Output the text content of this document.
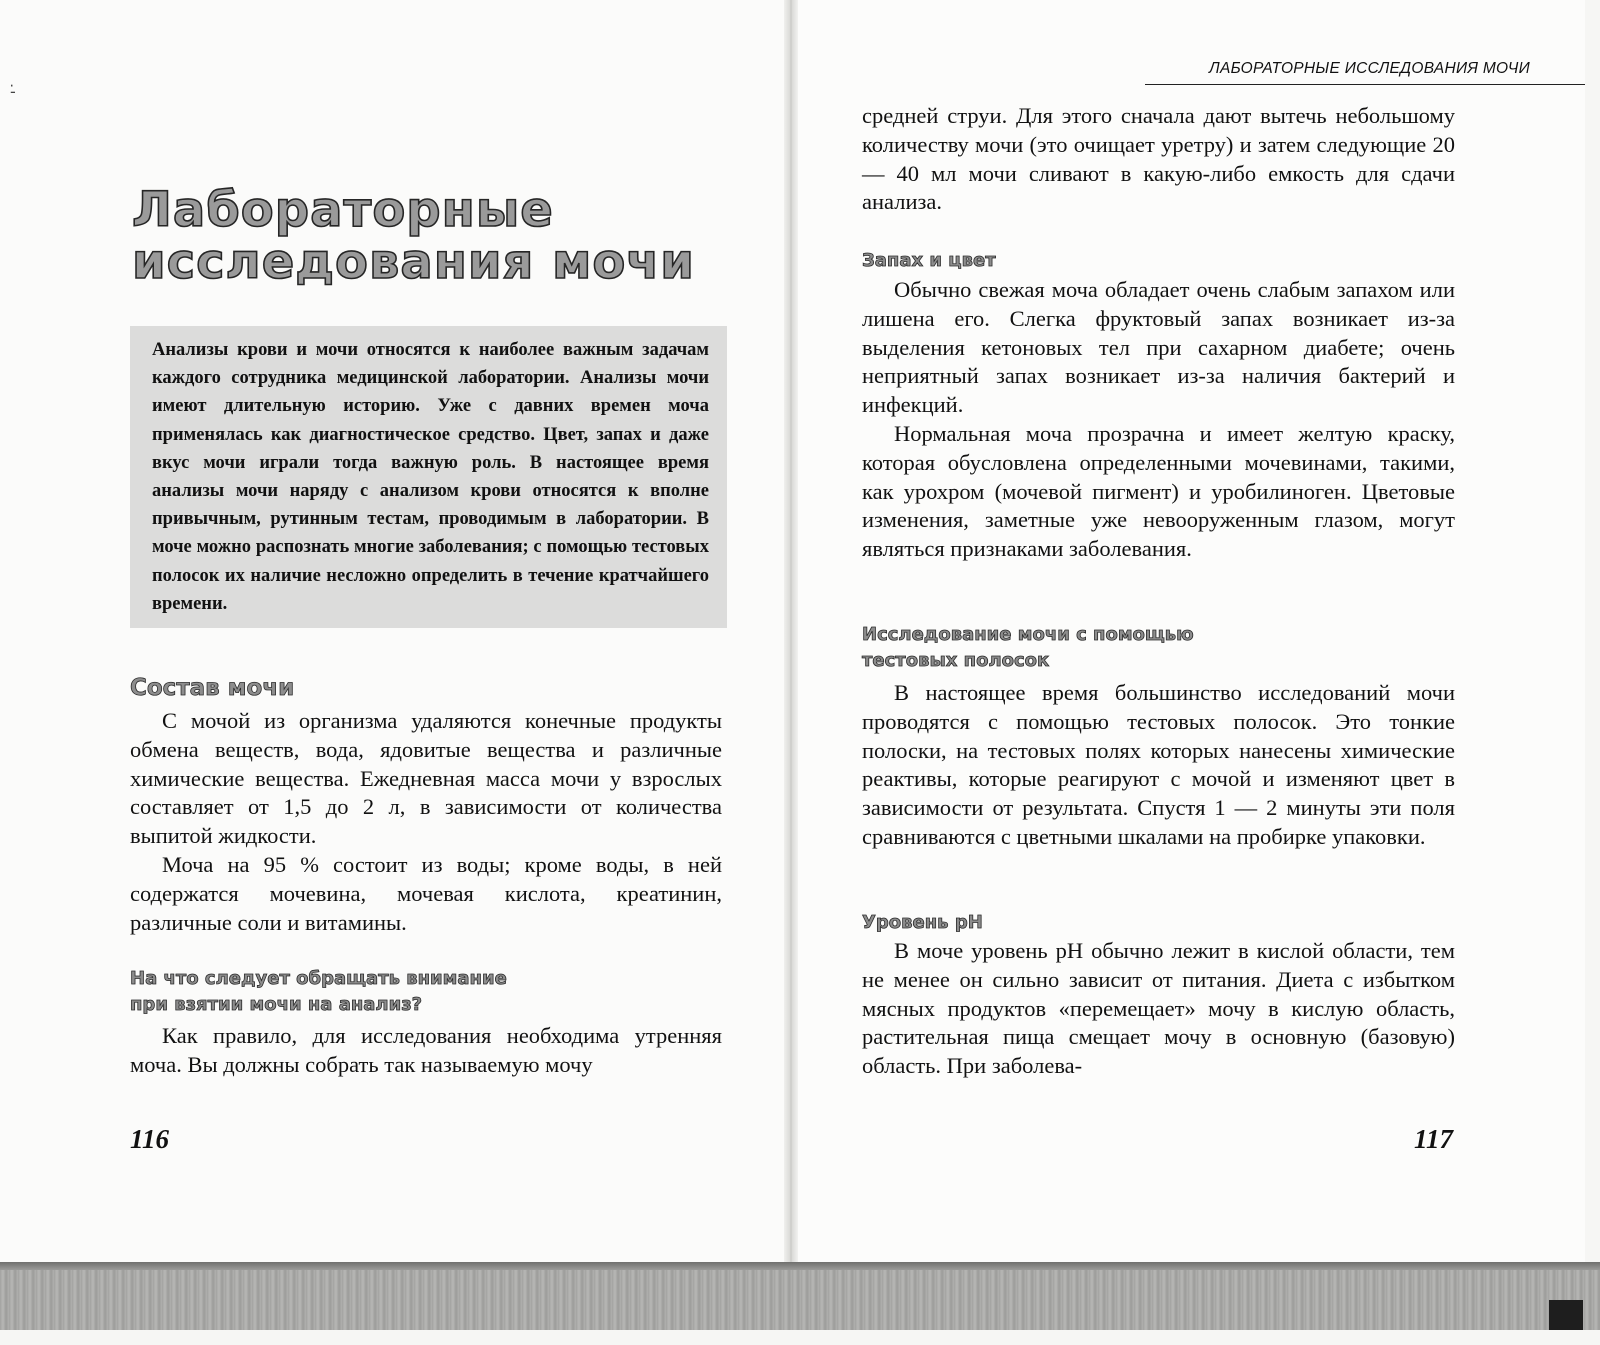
-̇
ЛАБОРАТОРНЫЕ ИССЛЕДОВАНИЯ МОЧИ
Лабораторные исследования мочи

Анализы крови и мочи относятся к наиболее важным задачам каждого сотрудника медицинской лаборатории. Анализы мочи имеют длительную историю. Уже с давних времен моча применялась как диагностическое средство. Цвет, запах и даже вкус мочи играли тогда важную роль. В настоящее время анализы мочи наряду с анализом крови относятся к вполне привычным, рутинным тестам, проводимым в лаборатории. В моче можно распознать многие заболевания; с помощью тестовых полосок их наличие несложно определить в течение кратчайшего времени.

Состав мочи

С мочой из организма удаляются конечные продукты обмена веществ, вода, ядовитые вещества и различные химические вещества. Ежедневная масса мочи у взрослых составляет от 1,5 до 2 л, в зависимости от количества выпитой жидкости.

Моча на 95 % состоит из воды; кроме воды, в ней содержатся мочевина, мочевая кислота, креатинин, различные соли и витамины.

На что следует обращать внимание
при взятии мочи на анализ?

Как правило, для исследования необходима утренняя моча. Вы должны собрать так называемую мочу

116

средней струи. Для этого сначала дают вытечь небольшому количеству мочи (это очищает уретру) и затем следующие 20 — 40 мл мочи сливают в какую-либо емкость для сдачи анализа.

Запах и цвет

Обычно свежая моча обладает очень слабым запахом или лишена его. Слегка фруктовый запах возникает из-за выделения кетоновых тел при сахарном диабете; очень неприятный запах возникает из-за наличия бактерий и инфекций.

Нормальная моча прозрачна и имеет желтую краску, которая обусловлена определенными мочевинами, такими, как урохром (мочевой пигмент) и уробилиноген. Цветовые изменения, заметные уже невооруженным глазом, могут являться признаками заболевания.

Исследование мочи с помощью
тестовых полосок

В настоящее время большинство исследований мочи проводятся с помощью тестовых полосок. Это тонкие полоски, на тестовых полях которых нанесены химические реактивы, которые реагируют с мочой и изменяют цвет в зависимости от результата. Спустя 1 — 2 минуты эти поля сравниваются с цветными шкалами на пробирке упаковки.

Уровень pH

В моче уровень pH обычно лежит в кислой области, тем не менее он сильно зависит от питания. Диета с избытком мясных продуктов «перемещает» мочу в кислую область, растительная пища смещает мочу в основную (базовую) область. При заболева-

117
